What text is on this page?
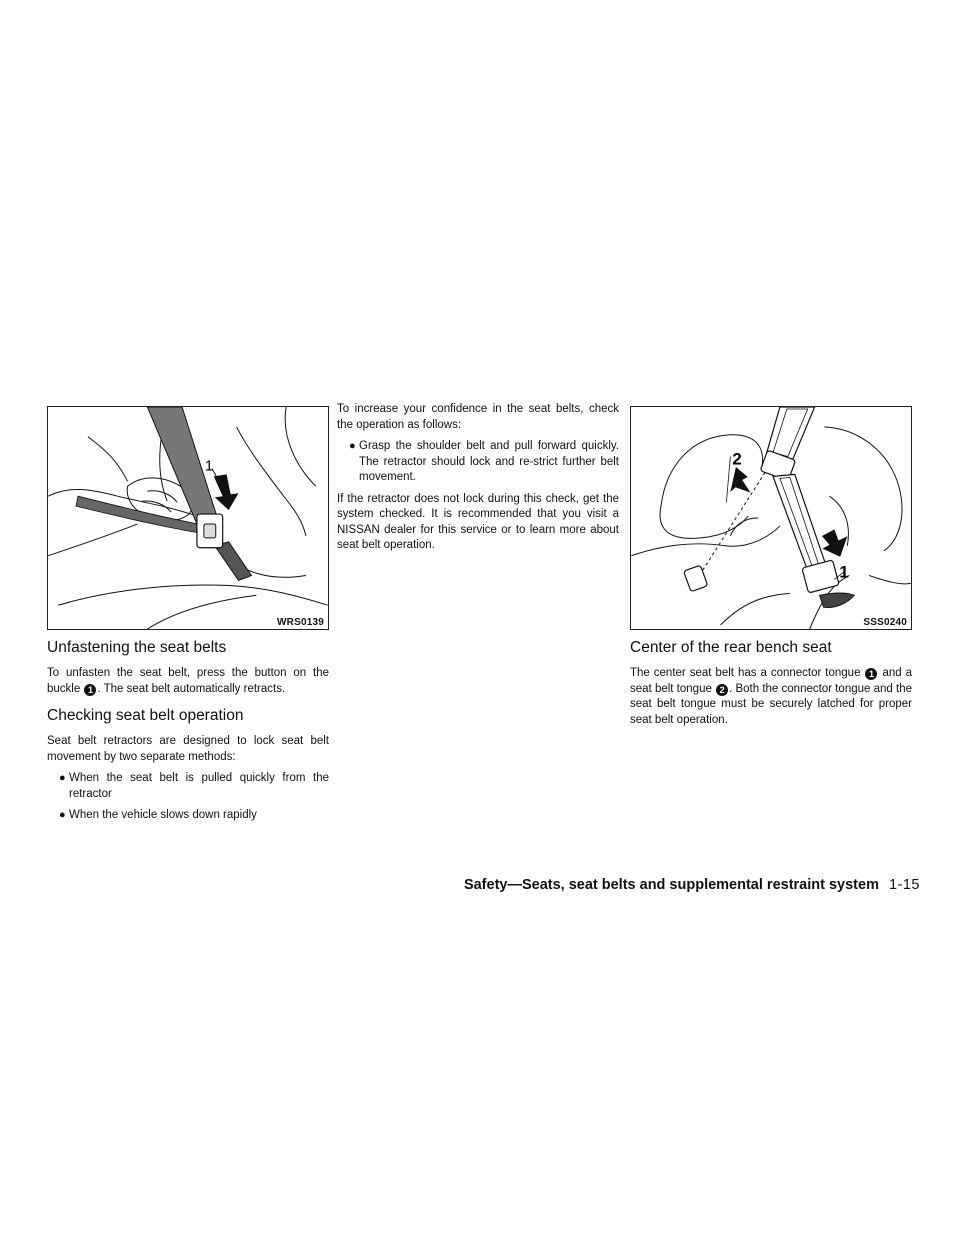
1
WRS0139
Unfastening the seat belts

To unfasten the seat belt, press the button on the buckle 1 . The seat belt automatically retracts.

Checking seat belt operation

Seat belt retractors are designed to lock seat belt movement by two separate methods:

● When the seat belt is pulled quickly from the retractor
● When the vehicle slows down rapidly

To increase your confidence in the seat belts, check the operation as follows:

● Grasp the shoulder belt and pull forward quickly. The retractor should lock and re-strict further belt movement.

If the retractor does not lock during this check, get the system checked. It is recommended that you visit a NISSAN dealer for this service or to learn more about seat belt operation.

2
1
SSS0240
Center of the rear bench seat

The center seat belt has a connector tongue 1 and a seat belt tongue 2 . Both the connector tongue and the seat belt tongue must be securely latched for proper seat belt operation.

Safety—Seats, seat belts and supplemental restraint system 1-15
